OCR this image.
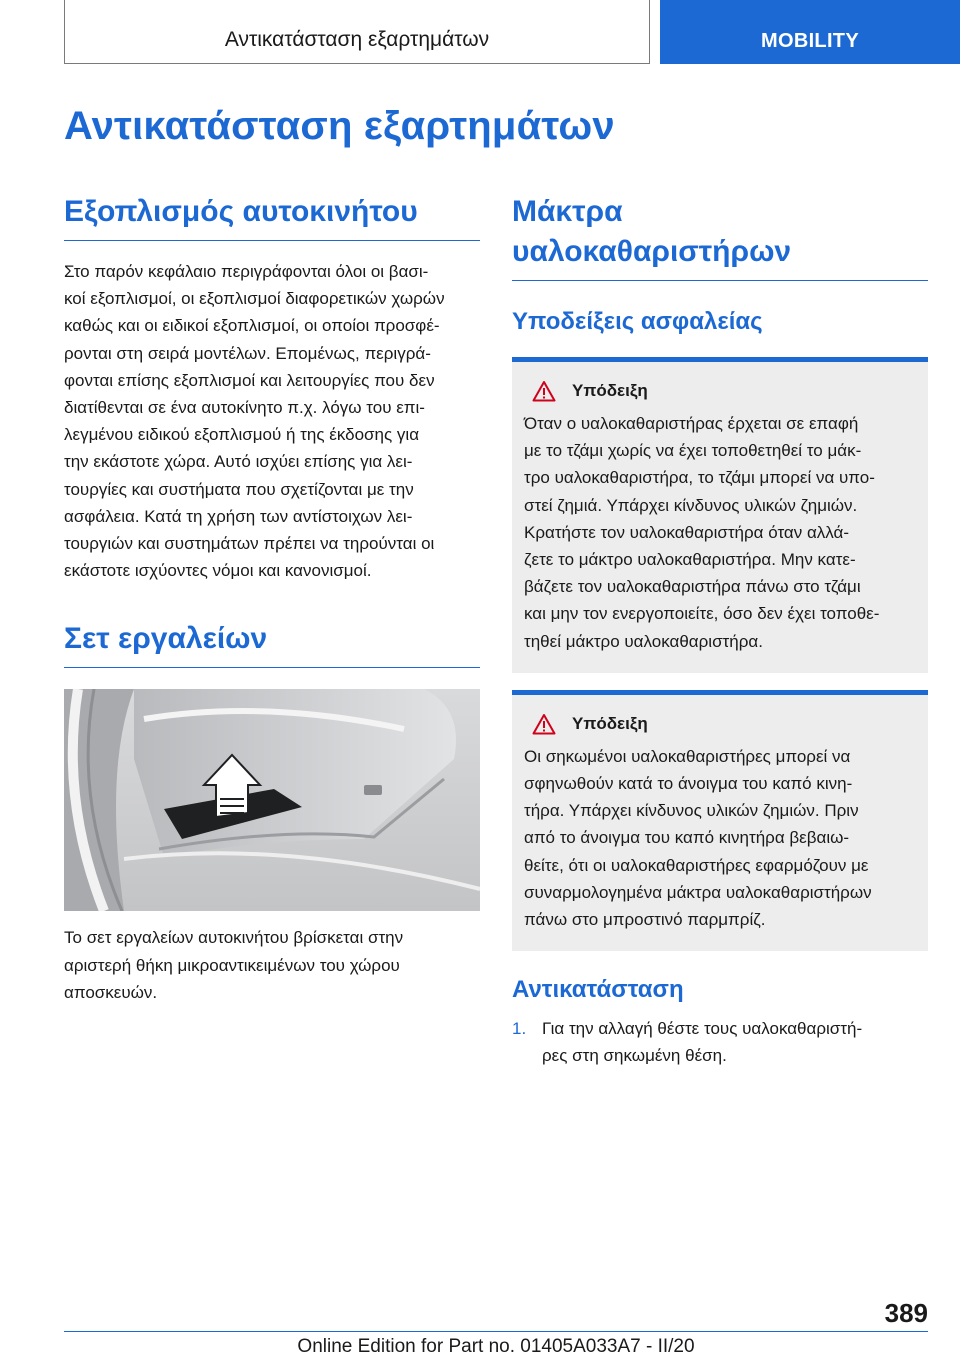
Αντικατάσταση εξαρτημάτων	MOBILITY
Αντικατάσταση εξαρτημάτων
Εξοπλισμός αυτοκινήτου
Στο παρόν κεφάλαιο περιγράφονται όλοι οι βασι‐
κοί εξοπλισμοί, οι εξοπλισμοί διαφορετικών χωρών
καθώς και οι ειδικοί εξοπλισμοί, οι οποίοι προσφέ‐
ρονται στη σειρά μοντέλων. Επομένως, περιγρά‐
φονται επίσης εξοπλισμοί και λειτουργίες που δεν
διατίθενται σε ένα αυτοκίνητο π.χ. λόγω του επι‐
λεγμένου ειδικού εξοπλισμού ή της έκδοσης για
την εκάστοτε χώρα. Αυτό ισχύει επίσης για λει‐
τουργίες και συστήματα που σχετίζονται με την
ασφάλεια. Κατά τη χρήση των αντίστοιχων λει‐
τουργιών και συστημάτων πρέπει να τηρούνται οι
εκάστοτε ισχύοντες νόμοι και κανονισμοί.
Σετ εργαλείων
Το σετ εργαλείων αυτοκινήτου βρίσκεται στην
αριστερή θήκη μικροαντικειμένων του χώρου
αποσκευών.
Μάκτρα
υαλοκαθαριστήρων
Υποδείξεις ασφαλείας
Υπόδειξη
Όταν ο υαλοκαθαριστήρας έρχεται σε επαφή
με το τζάμι χωρίς να έχει τοποθετηθεί το μάκ‐
τρο υαλοκαθαριστήρα, το τζάμι μπορεί να υπο‐
στεί ζημιά. Υπάρχει κίνδυνος υλικών ζημιών.
Κρατήστε τον υαλοκαθαριστήρα όταν αλλά‐
ζετε το μάκτρο υαλοκαθαριστήρα. Μην κατε‐
βάζετε τον υαλοκαθαριστήρα πάνω στο τζάμι
και μην τον ενεργοποιείτε, όσο δεν έχει τοποθε‐
τηθεί μάκτρο υαλοκαθαριστήρα.
Υπόδειξη
Οι σηκωμένοι υαλοκαθαριστήρες μπορεί να
σφηνωθούν κατά το άνοιγμα του καπό κινη‐
τήρα. Υπάρχει κίνδυνος υλικών ζημιών. Πριν
από το άνοιγμα του καπό κινητήρα βεβαιω‐
θείτε, ότι οι υαλοκαθαριστήρες εφαρμόζουν με
συναρμολογημένα μάκτρα υαλοκαθαριστήρων
πάνω στο μπροστινό παρμπρίζ.
Αντικατάσταση
1. Για την αλλαγή θέστε τους υαλοκαθαριστή‐
ρες στη σηκωμένη θέση.
389
Online Edition for Part no. 01405A033A7 - II/20
